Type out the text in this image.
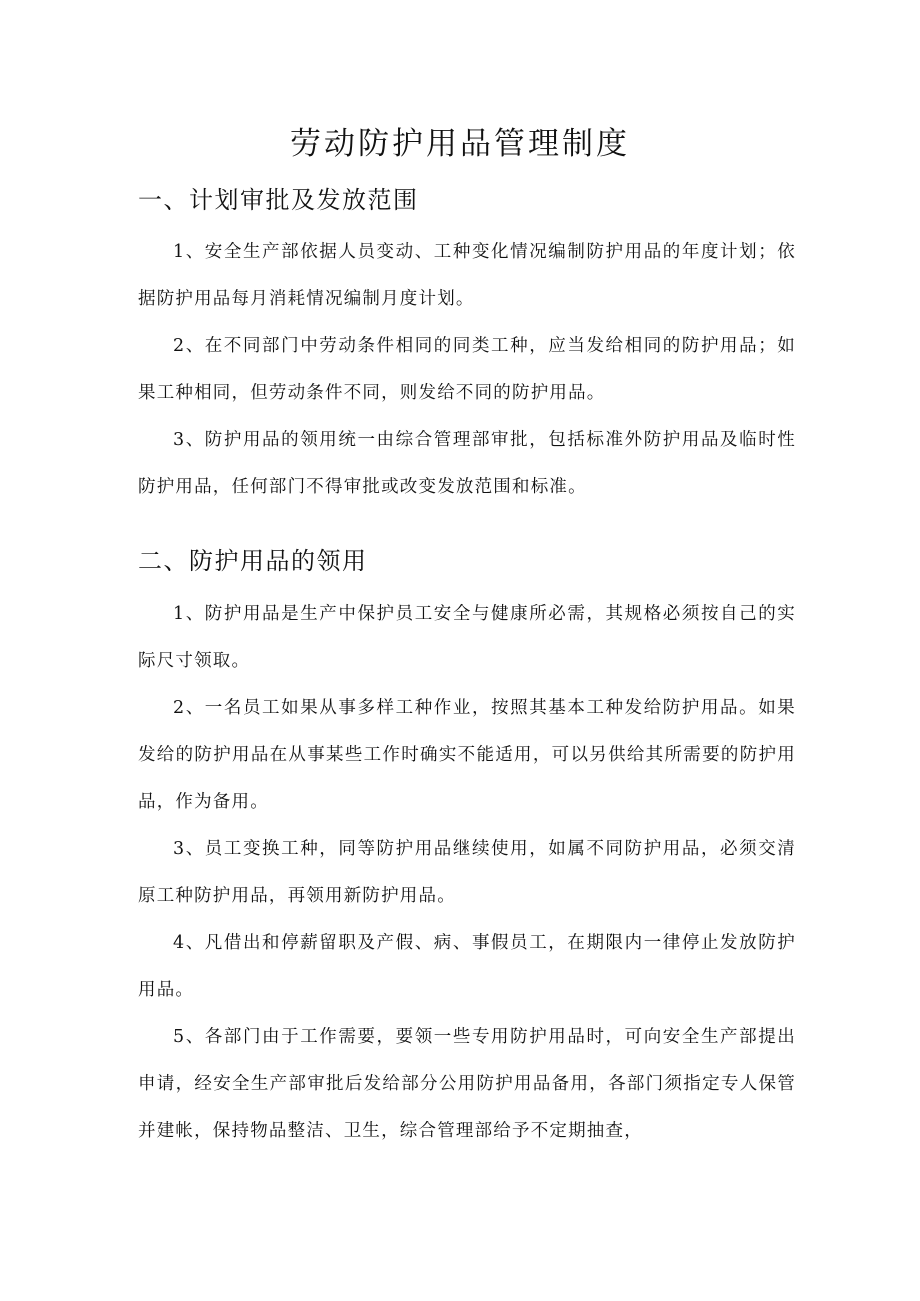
劳动防护用品管理制度
一、计划审批及发放范围

1、安全生产部依据人员变动、工种变化情况编制防护用品的年度计划；依据防护用品每月消耗情况编制月度计划。

2、在不同部门中劳动条件相同的同类工种，应当发给相同的防护用品；如果工种相同，但劳动条件不同，则发给不同的防护用品。

3、防护用品的领用统一由综合管理部审批，包括标准外防护用品及临时性防护用品，任何部门不得审批或改变发放范围和标准。

二、防护用品的领用

1、防护用品是生产中保护员工安全与健康所必需，其规格必须按自己的实际尺寸领取。

2、一名员工如果从事多样工种作业，按照其基本工种发给防护用品。如果发给的防护用品在从事某些工作时确实不能适用，可以另供给其所需要的防护用品，作为备用。

3、员工变换工种，同等防护用品继续使用，如属不同防护用品，必须交清原工种防护用品，再领用新防护用品。

4、凡借出和停薪留职及产假、病、事假员工，在期限内一律停止发放防护用品。

5、各部门由于工作需要，要领一些专用防护用品时，可向安全生产部提出申请，经安全生产部审批后发给部分公用防护用品备用，各部门须指定专人保管并建帐，保持物品整洁、卫生，综合管理部给予不定期抽查，
